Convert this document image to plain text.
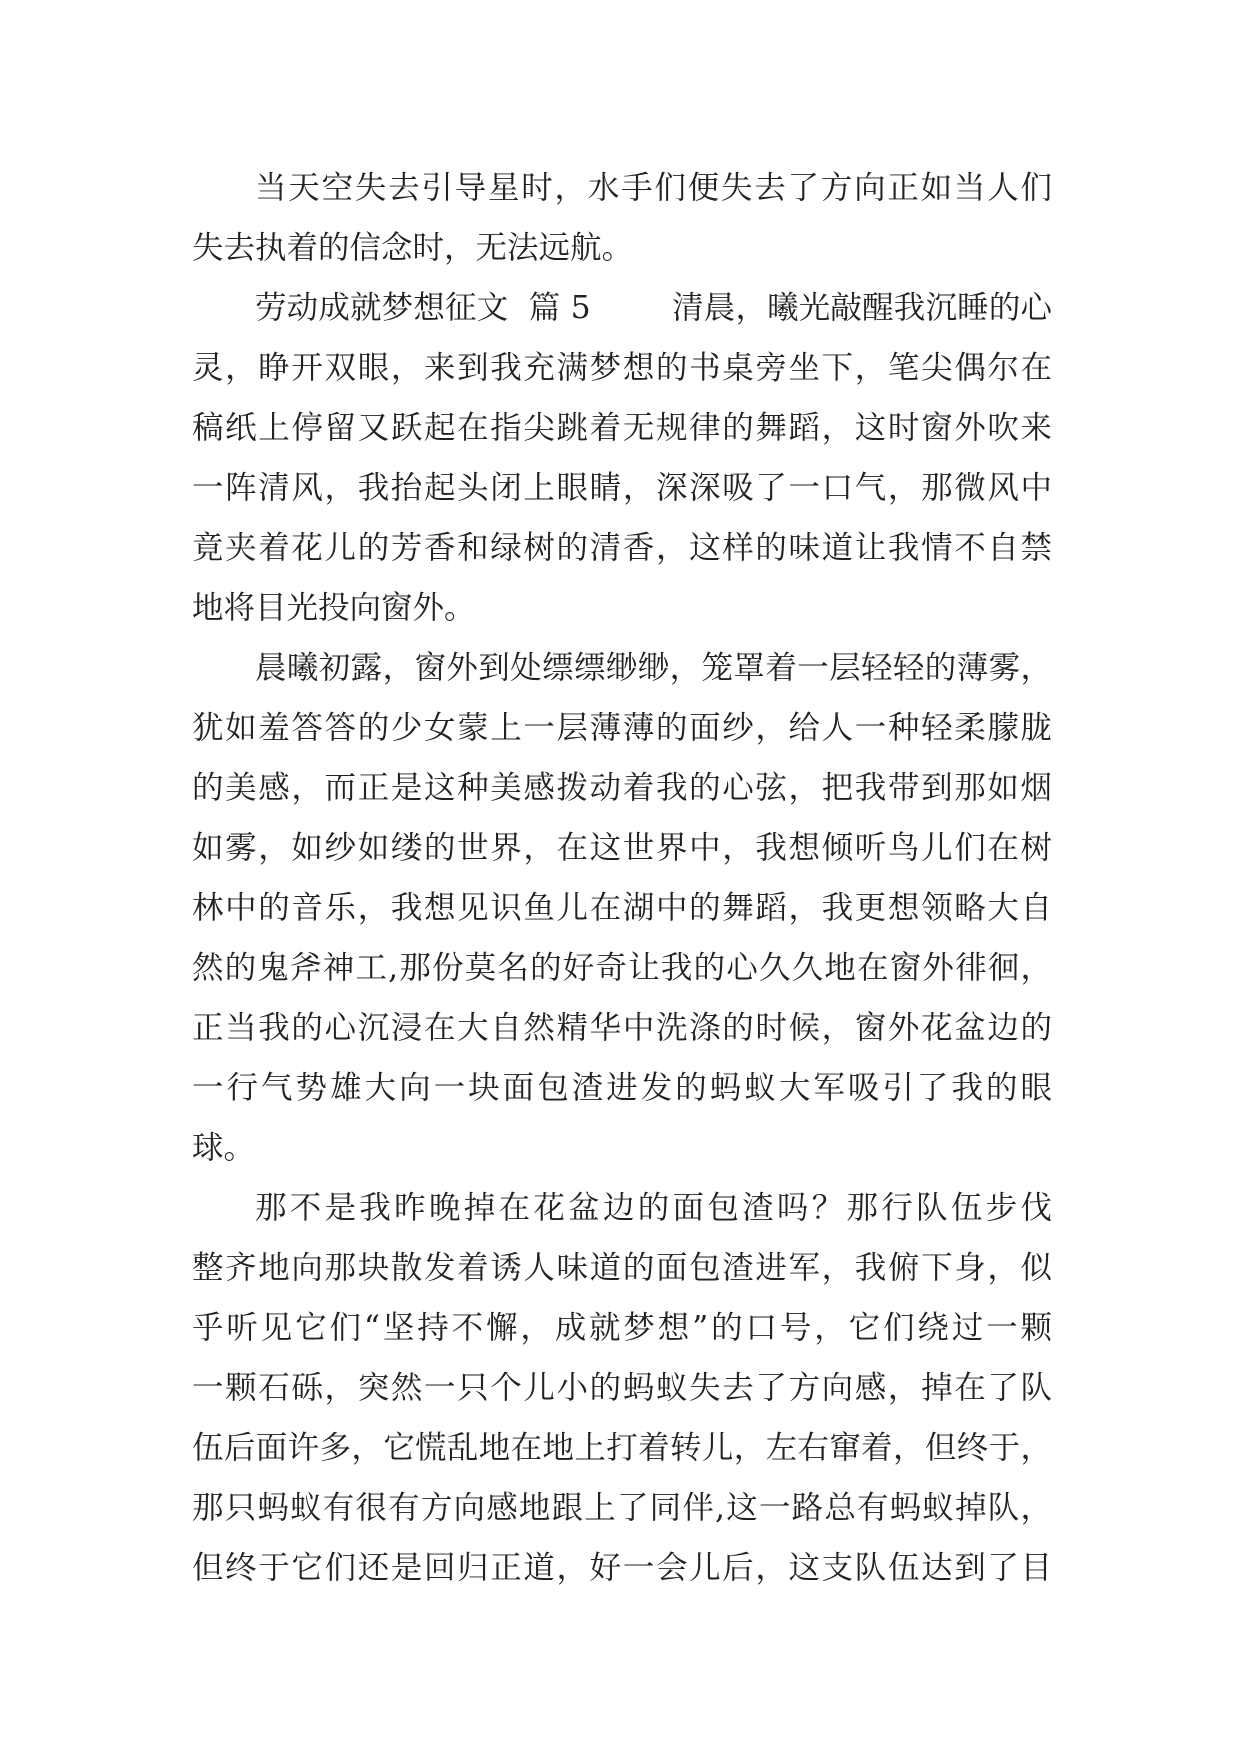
当天空失去引导星时，水手们便失去了方向正如当人们
失去执着的信念时，无法远航。
劳动成就梦想征文  篇 5        清晨，曦光敲醒我沉睡的心
灵，睁开双眼，来到我充满梦想的书桌旁坐下，笔尖偶尔在
稿纸上停留又跃起在指尖跳着无规律的舞蹈，这时窗外吹来
一阵清风，我抬起头闭上眼睛，深深吸了一口气，那微风中
竟夹着花儿的芳香和绿树的清香，这样的味道让我情不自禁
地将目光投向窗外。
晨曦初露，窗外到处缥缥缈缈，笼罩着一层轻轻的薄雾，
犹如羞答答的少女蒙上一层薄薄的面纱，给人一种轻柔朦胧
的美感，而正是这种美感拨动着我的心弦，把我带到那如烟
如雾，如纱如缕的世界，在这世界中，我想倾听鸟儿们在树
林中的音乐，我想见识鱼儿在湖中的舞蹈，我更想领略大自
然的鬼斧神工,那份莫名的好奇让我的心久久地在窗外徘徊，
正当我的心沉浸在大自然精华中洗涤的时候，窗外花盆边的
一行气势雄大向一块面包渣进发的蚂蚁大军吸引了我的眼
球。
那不是我昨晚掉在花盆边的面包渣吗？那行队伍步伐
整齐地向那块散发着诱人味道的面包渣进军，我俯下身，似
乎听见它们“坚持不懈，成就梦想”的口号，它们绕过一颗
一颗石砾，突然一只个儿小的蚂蚁失去了方向感，掉在了队
伍后面许多，它慌乱地在地上打着转儿，左右窜着，但终于，
那只蚂蚁有很有方向感地跟上了同伴,这一路总有蚂蚁掉队，
但终于它们还是回归正道，好一会儿后，这支队伍达到了目
